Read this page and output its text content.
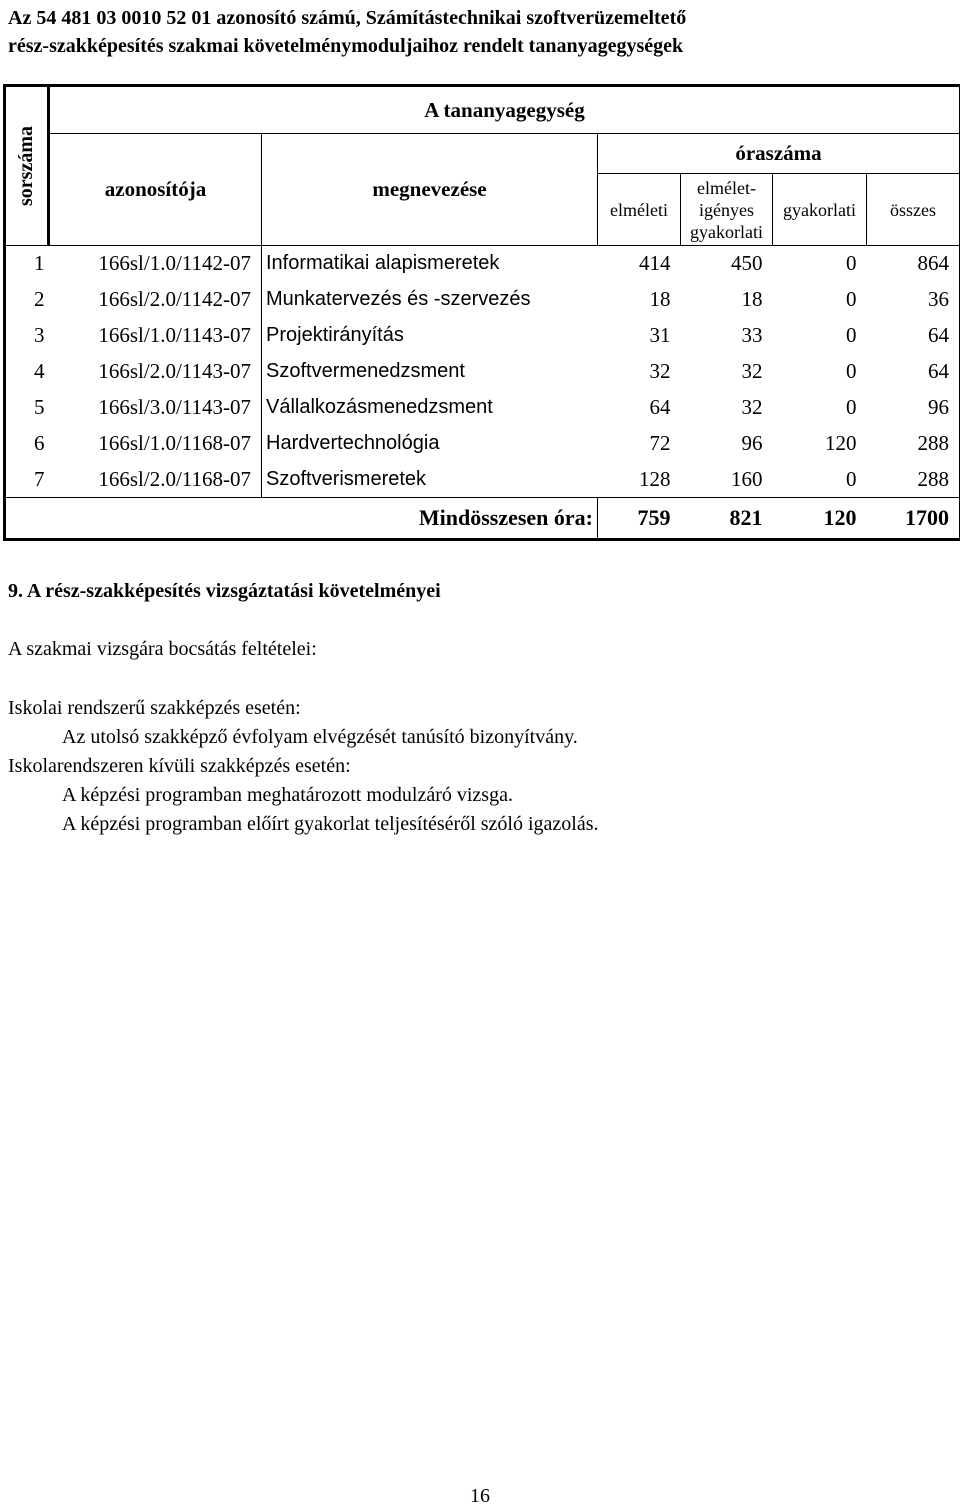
Az 54 481 03 0010 52 01 azonosító számú, Számítástechnikai szoftverüzemeltető
rész-szakképesítés szakmai követelménymoduljaihoz rendelt tananyagegységek
sorszáma	A tananyagegység					
	azonosítója	megnevezése	óraszáma			
			elméleti	elmélet-igényes gyakorlati	gyakorlati	összes
1	166sl/1.0/1142-07	Informatikai alapismeretek	414	450	0	864
2	166sl/2.0/1142-07	Munkatervezés és -szervezés	18	18	0	36
3	166sl/1.0/1143-07	Projektirányítás	31	33	0	64
4	166sl/2.0/1143-07	Szoftvermenedzsment	32	32	0	64
5	166sl/3.0/1143-07	Vállalkozásmenedzsment	64	32	0	96
6	166sl/1.0/1168-07	Hardvertechnológia	72	96	120	288
7	166sl/2.0/1168-07	Szoftverismeretek	128	160	0	288
Mindösszesen óra:			759	821	120	1700
9. A rész-szakképesítés vizsgáztatási követelményei
A szakmai vizsgára bocsátás feltételei:
Iskolai rendszerű szakképzés esetén:
Az utolsó szakképző évfolyam elvégzését tanúsító bizonyítvány.
Iskolarendszeren kívüli szakképzés esetén:
A képzési programban meghatározott modulzáró vizsga.
A képzési programban előírt gyakorlat teljesítéséről szóló igazolás.
16
